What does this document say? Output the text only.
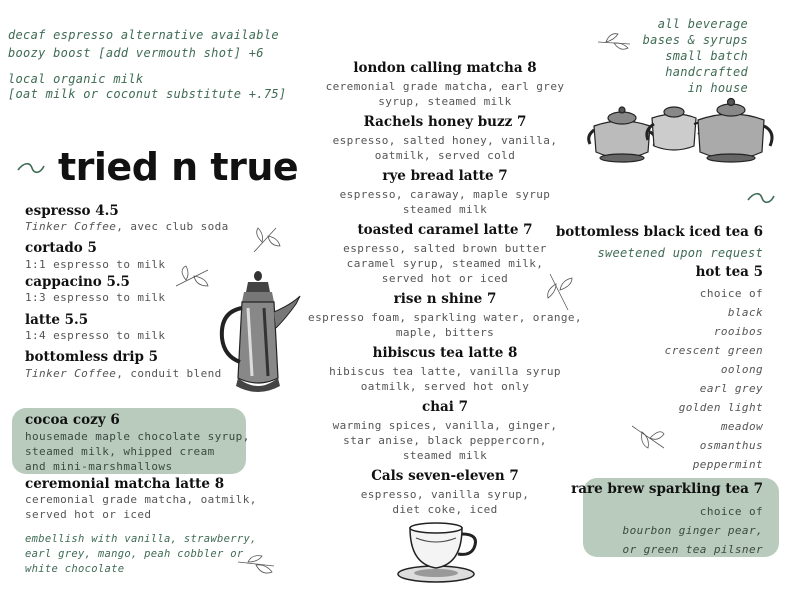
decaf espresso alternative available
boozy boost [add vermouth shot] +6
local organic milk
[oat milk or coconut substitute +.75]
all beverage
bases & syrups
small batch
handcrafted
in house
tried n true
espresso 4.5
Tinker Coffee, avec club soda
cortado 5
1:1 espresso to milk
cappacino 5.5
1:3 espresso to milk
latte 5.5
1:4 espresso to milk
bottomless drip 5
Tinker Coffee, conduit blend
cocoa cozy 6
housemade maple chocolate syrup,
steamed milk, whipped cream
and mini-marshmallows
ceremonial matcha latte 8
ceremonial grade matcha, oatmilk,
served hot or iced
embellish with vanilla, strawberry,
earl grey, mango, peah cobbler or
white chocolate
london calling matcha 8
ceremonial grade matcha, earl grey
syrup, steamed milk
Rachels honey buzz 7
espresso, salted honey, vanilla,
oatmilk, served cold
rye bread latte 7
espresso, caraway, maple syrup
steamed milk
toasted caramel latte 7
espresso, salted brown butter
caramel syrup, steamed milk,
served hot or iced
rise n shine 7
espresso foam, sparkling water, orange,
maple, bitters
hibiscus tea latte 8
hibiscus tea latte, vanilla syrup
oatmilk, served hot only
chai 7
warming spices, vanilla, ginger,
star anise, black peppercorn,
steamed milk
Cals seven-eleven 7
espresso, vanilla syrup,
diet coke, iced
bottomless black iced tea 6
sweetened upon request
hot tea 5
choice of
black
rooibos
crescent green
oolong
earl grey
golden light
meadow
osmanthus
peppermint
rare brew sparkling tea 7
choice of
bourbon ginger pear,
or green tea pilsner
